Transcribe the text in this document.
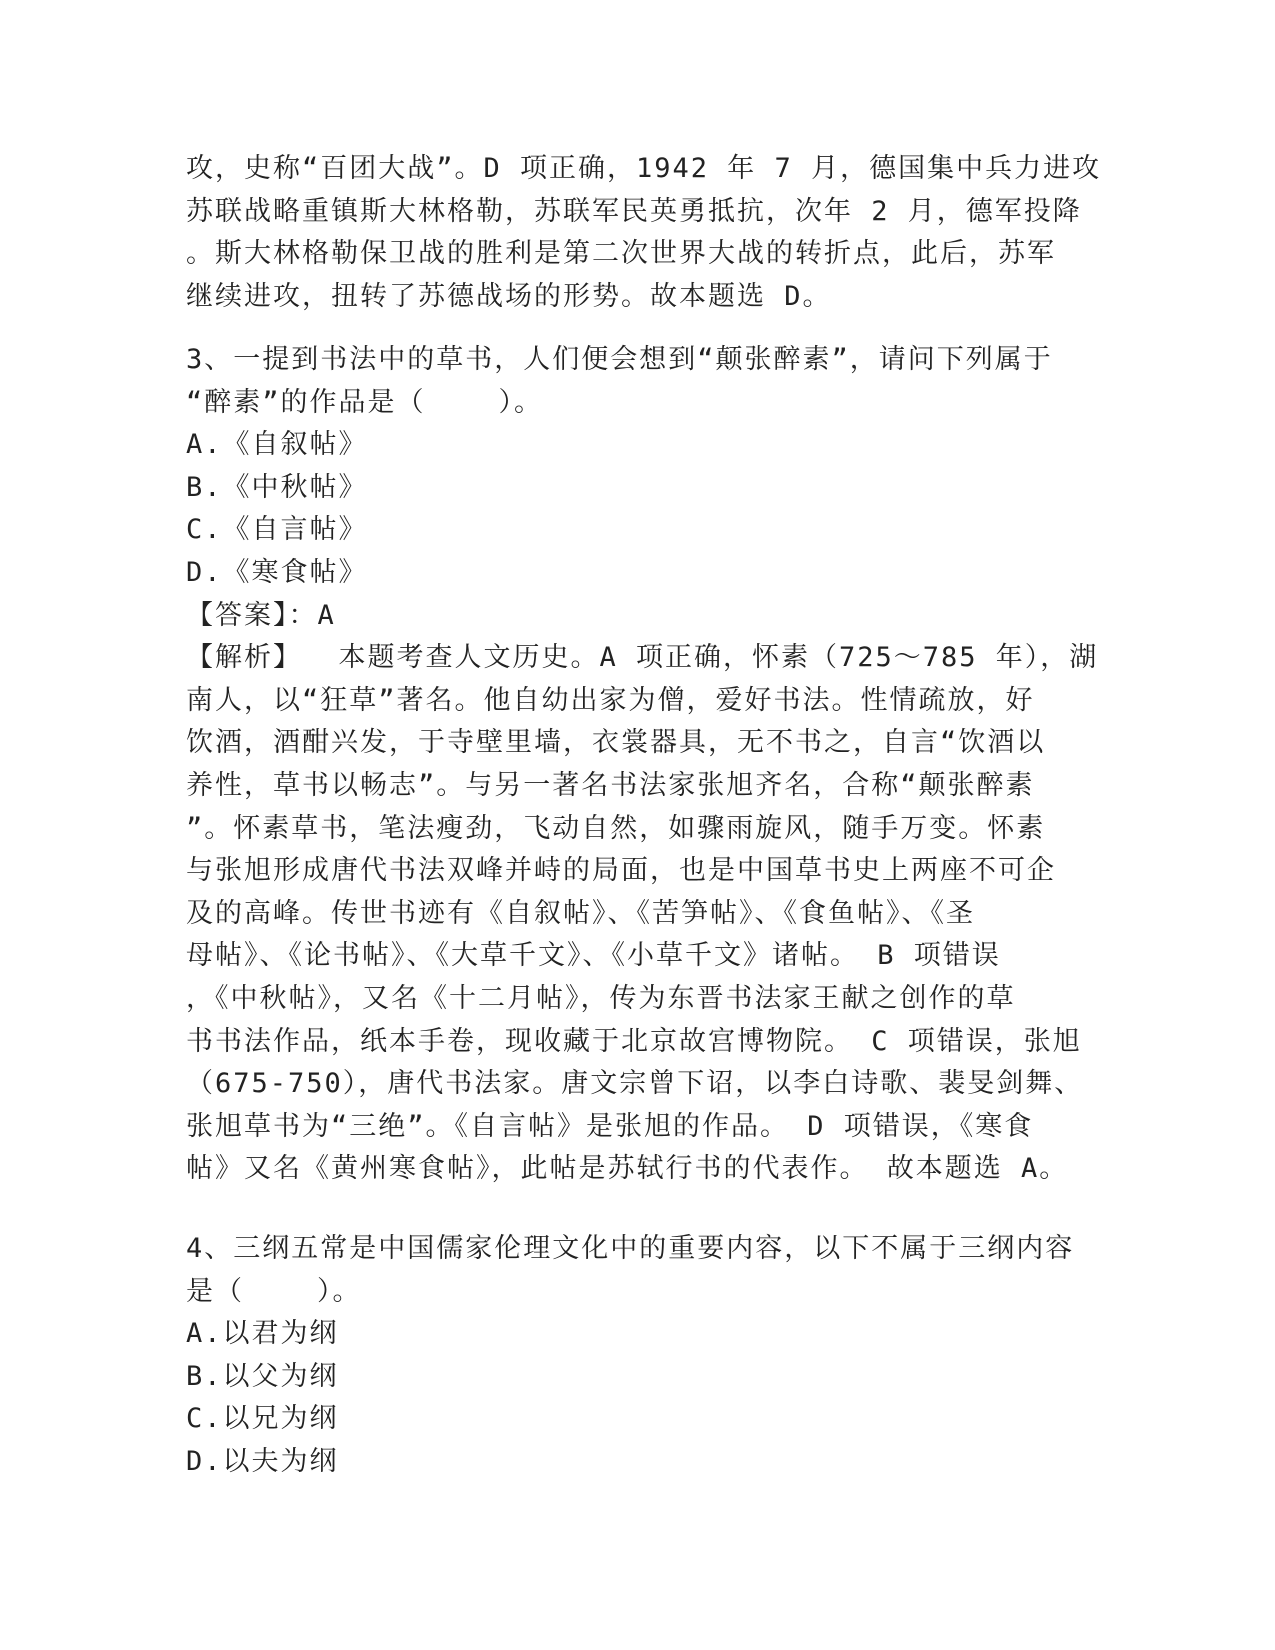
攻，史称“百团大战”。D 项正确，1942 年 7 月，德国集中兵力进攻
苏联战略重镇斯大林格勒，苏联军民英勇抵抗，次年 2 月，德军投降
。斯大林格勒保卫战的胜利是第二次世界大战的转折点，此后，苏军
继续进攻，扭转了苏德战场的形势。故本题选 D。
3、一提到书法中的草书，人们便会想到“颠张醉素”，请问下列属于
“醉素”的作品是（    ）。
A.《自叙帖》
B.《中秋帖》
C.《自言帖》
D.《寒食帖》
【答案】：A
【解析】  本题考查人文历史。A 项正确，怀素（725～785 年），湖
南人，以“狂草”著名。他自幼出家为僧，爱好书法。性情疏放，好
饮酒，酒酣兴发，于寺壁里墙，衣裳器具，无不书之，自言“饮酒以
养性，草书以畅志”。与另一著名书法家张旭齐名，合称“颠张醉素
”。怀素草书，笔法瘦劲，飞动自然，如骤雨旋风，随手万变。怀素
与张旭形成唐代书法双峰并峙的局面，也是中国草书史上两座不可企
及的高峰。传世书迹有《自叙帖》、《苦笋帖》、《食鱼帖》、《圣
母帖》、《论书帖》、《大草千文》、《小草千文》诸帖。 B 项错误
，《中秋帖》，又名《十二月帖》，传为东晋书法家王献之创作的草
书书法作品，纸本手卷，现收藏于北京故宫博物院。 C 项错误，张旭
（675-750），唐代书法家。唐文宗曾下诏，以李白诗歌、裴旻剑舞、
张旭草书为“三绝”。《自言帖》是张旭的作品。 D 项错误，《寒食
帖》又名《黄州寒食帖》，此帖是苏轼行书的代表作。 故本题选 A。
4、三纲五常是中国儒家伦理文化中的重要内容，以下不属于三纲内容
是（    ）。
A.以君为纲
B.以父为纲
C.以兄为纲
D.以夫为纲
